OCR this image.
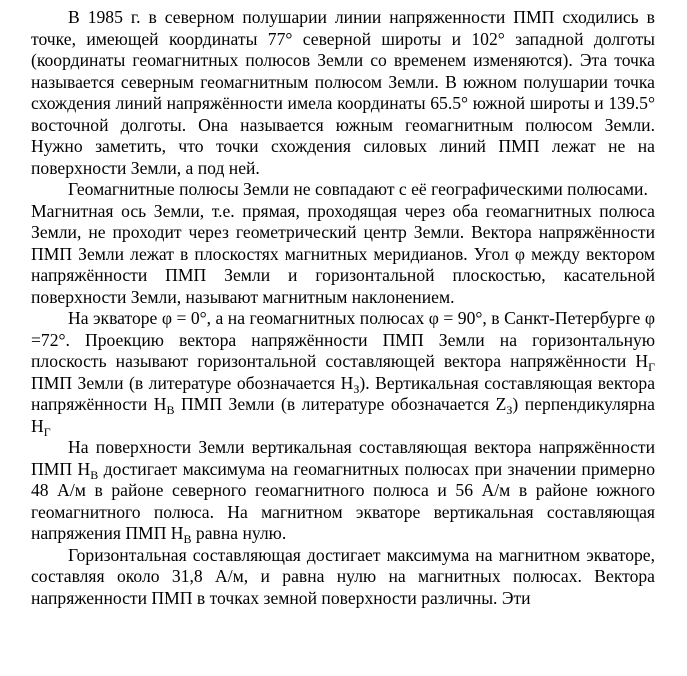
В 1985 г. в северном полушарии линии напряженности ПМП сходились в точке, имеющей координаты 77° северной широты и 102° западной долготы (координаты геомагнитных полюсов Земли со временем изменяются). Эта точка называется северным геомагнитным полюсом Земли. В южном полушарии точка схождения линий напряжённости имела координаты 65.5° южной широты и 139.5° восточной долготы. Она называется южным геомагнитным полюсом Земли. Нужно заметить, что точки схождения силовых линий ПМП лежат не на поверхности Земли, а под ней.

Геомагнитные полюсы Земли не совпадают с её географическими полюсами.

Магнитная ось Земли, т.е. прямая, проходящая через оба геомагнитных полюса Земли, не проходит через геометрический центр Земли. Вектора напряжённости ПМП Земли лежат в плоскостях магнитных меридианов. Угол φ между вектором напряжённости ПМП Земли и горизонтальной плоскостью, касательной поверхности Земли, называют магнитным наклонением.

На экваторе φ = 0°, а на геомагнитных полюсах φ = 90°, в Санкт-Петербурге φ =72°. Проекцию вектора напряжённости ПМП Земли на горизонтальную плоскость называют горизонтальной составляющей вектора напряжённости $H_Г$ ПМП Земли (в литературе обозначается $H_З$). Вертикальная составляющая вектора напряжённости $H_В$ ПМП Земли (в литературе обозначается $Z_З$) перпендикулярна $H_Г$

На поверхности Земли вертикальная составляющая вектора напряжённости ПМП $H_В$ достигает максимума на геомагнитных полюсах при значении примерно 48 А/м в районе северного геомагнитного полюса и 56 А/м в районе южного геомагнитного полюса. На магнитном экваторе вертикальная составляющая напряжения ПМП $H_В$ равна нулю.

Горизонтальная составляющая достигает максимума на магнитном экваторе, составляя около 31,8 А/м, и равна нулю на магнитных полюсах. Вектора напряженности ПМП в точках земной поверхности различны. Эти
